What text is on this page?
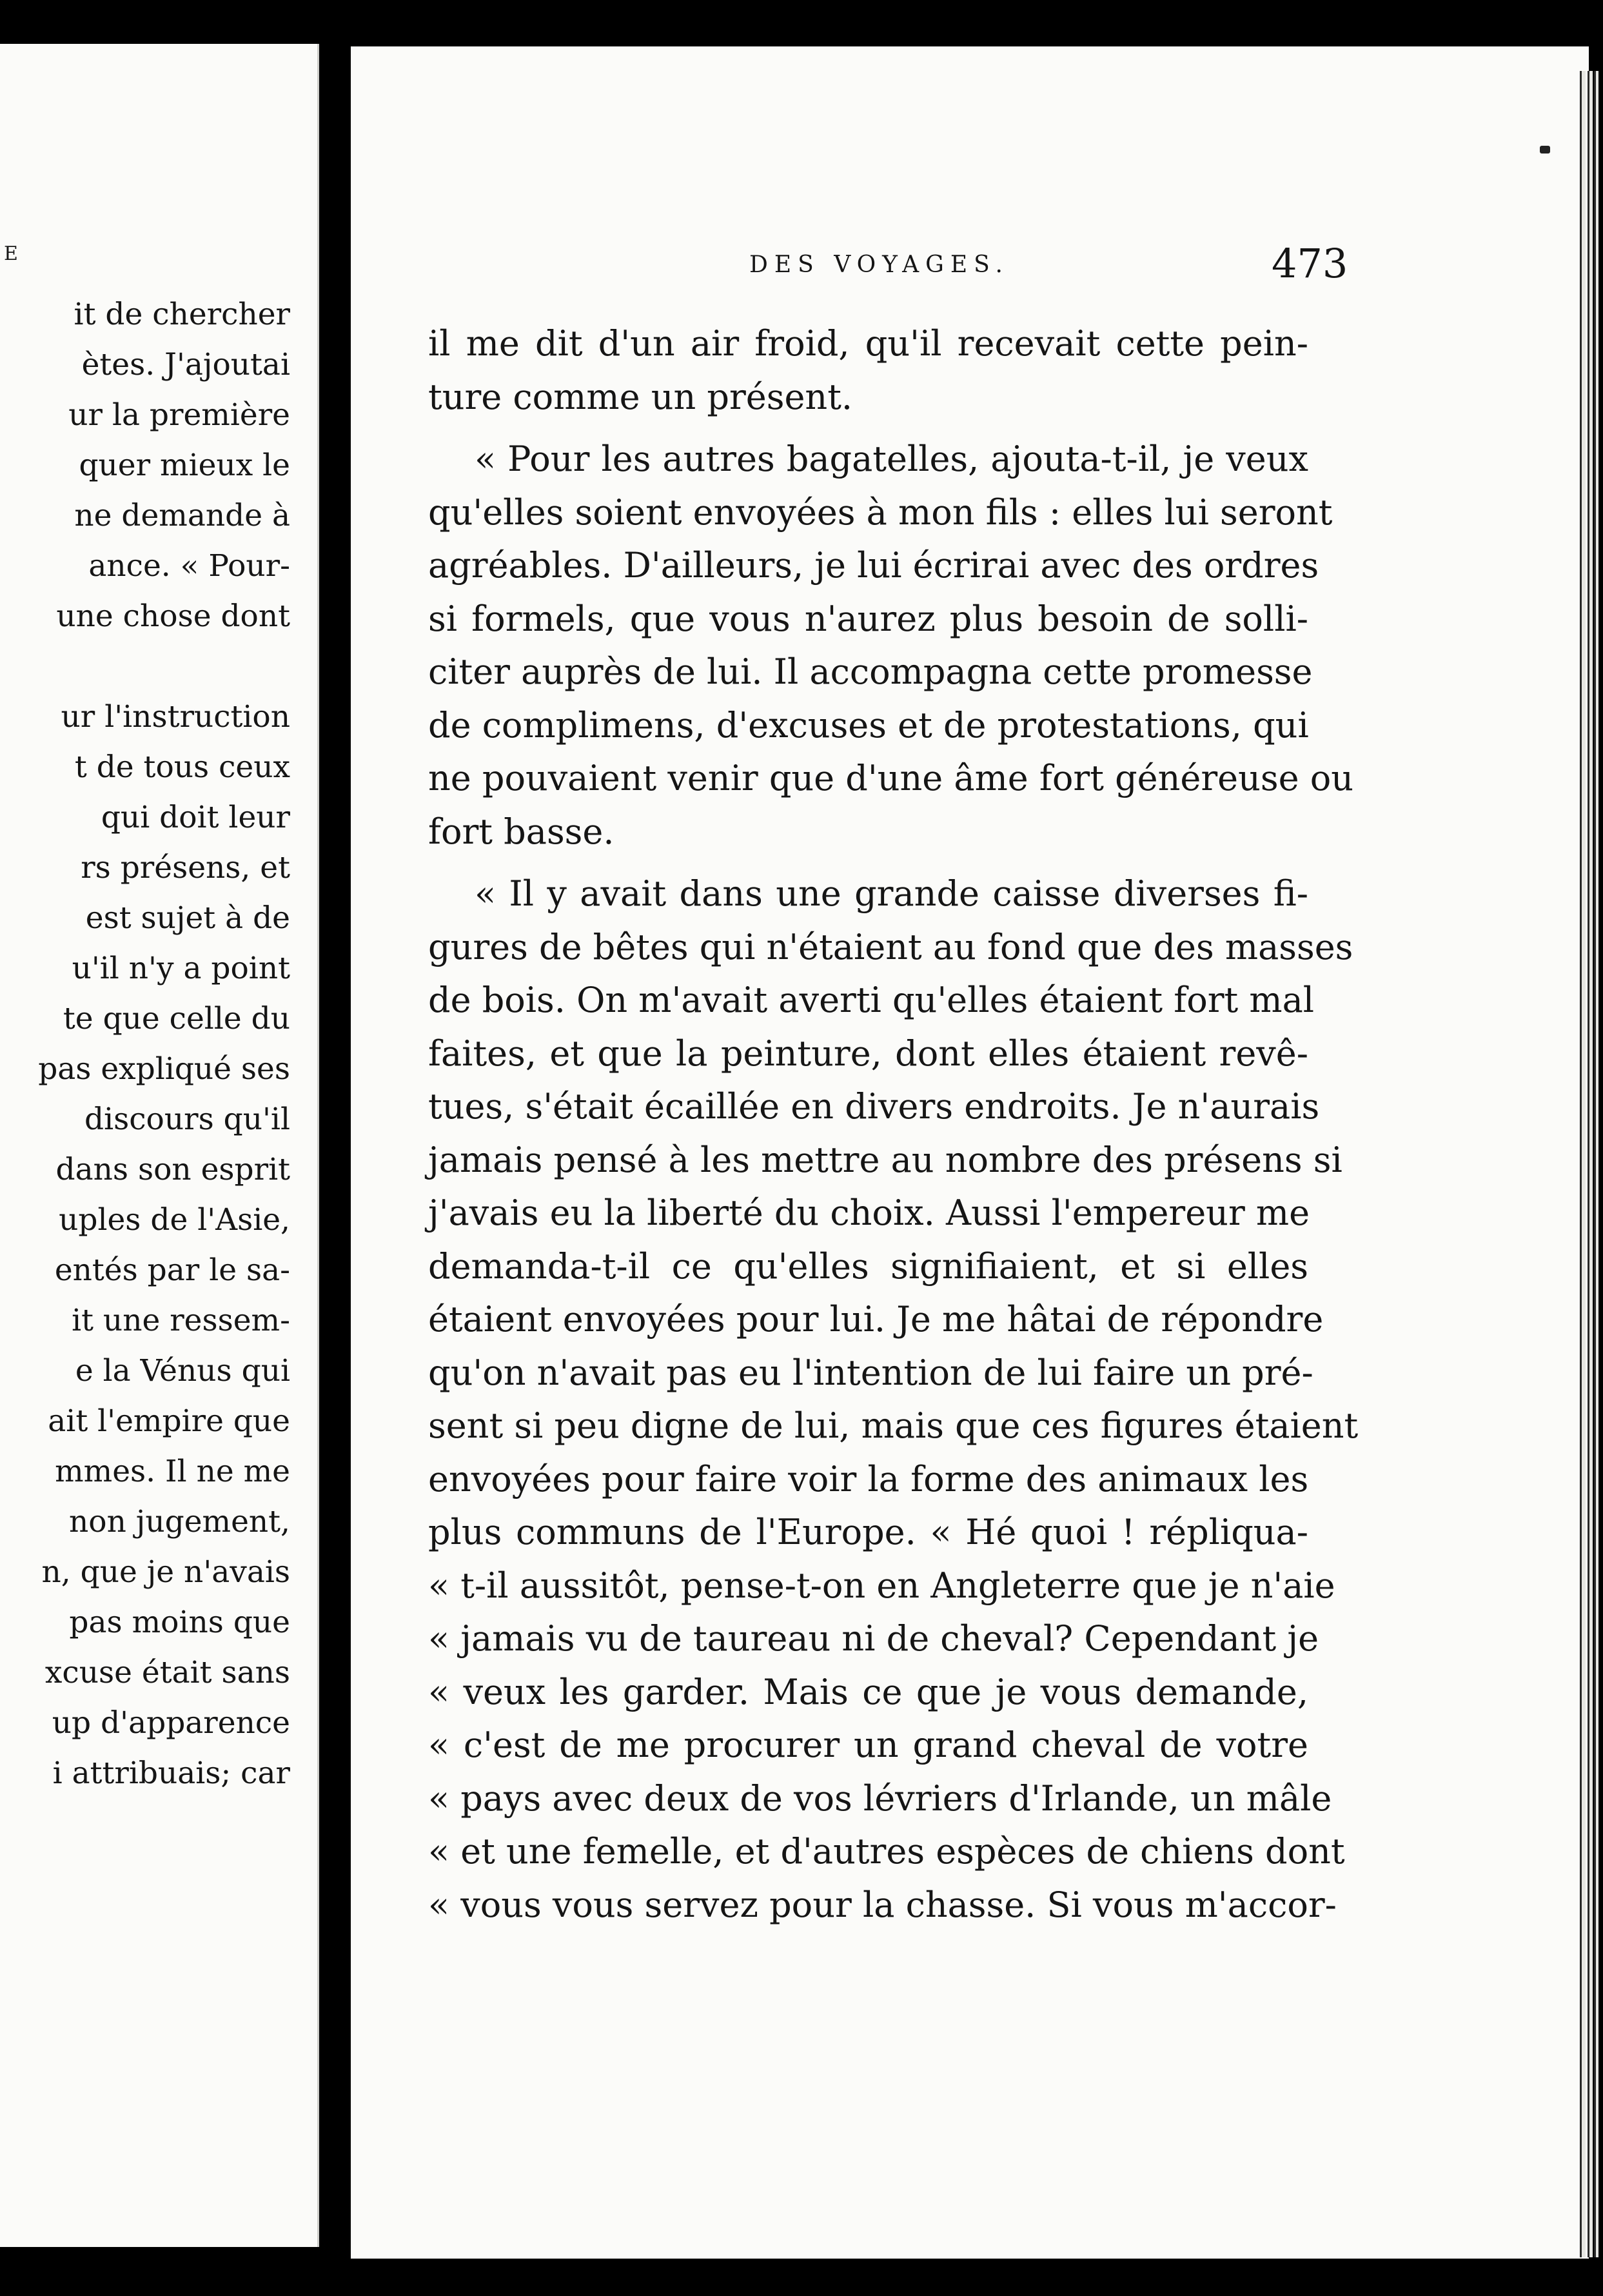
E
it de chercher
ètes. J'ajoutai
ur la première
quer mieux le
ne demande à
ance. « Pour-
une chose dont
ur l'instruction
t de tous ceux
qui doit leur
rs présens, et
est sujet à de
u'il n'y a point
te que celle du
pas expliqué ses
discours qu'il
dans son esprit
uples de l'Asie,
entés par le sa-
it une ressem-
e la Vénus qui
ait l'empire que
mmes. Il ne me
non jugement,
n, que je n'avais
pas moins que
xcuse était sans
up d'apparence
i attribuais; car
DES VOYAGES.	473
il me dit d'un air froid, qu'il recevait cette pein-
ture comme un présent.
« Pour les autres bagatelles, ajouta-t-il, je veux
qu'elles soient envoyées à mon fils : elles lui seront
agréables. D'ailleurs, je lui écrirai avec des ordres
si formels, que vous n'aurez plus besoin de solli-
citer auprès de lui. Il accompagna cette promesse
de complimens, d'excuses et de protestations, qui
ne pouvaient venir que d'une âme fort généreuse ou
fort basse.
« Il y avait dans une grande caisse diverses fi-
gures de bêtes qui n'étaient au fond que des masses
de bois. On m'avait averti qu'elles étaient fort mal
faites, et que la peinture, dont elles étaient revê-
tues, s'était écaillée en divers endroits. Je n'aurais
jamais pensé à les mettre au nombre des présens si
j'avais eu la liberté du choix. Aussi l'empereur me
demanda-t-il ce qu'elles signifiaient, et si elles
étaient envoyées pour lui. Je me hâtai de répondre
qu'on n'avait pas eu l'intention de lui faire un pré-
sent si peu digne de lui, mais que ces figures étaient
envoyées pour faire voir la forme des animaux les
plus communs de l'Europe. « Hé quoi ! répliqua-
« t-il aussitôt, pense-t-on en Angleterre que je n'aie
« jamais vu de taureau ni de cheval? Cependant je
« veux les garder. Mais ce que je vous demande,
« c'est de me procurer un grand cheval de votre
« pays avec deux de vos lévriers d'Irlande, un mâle
« et une femelle, et d'autres espèces de chiens dont
« vous vous servez pour la chasse. Si vous m'accor-
